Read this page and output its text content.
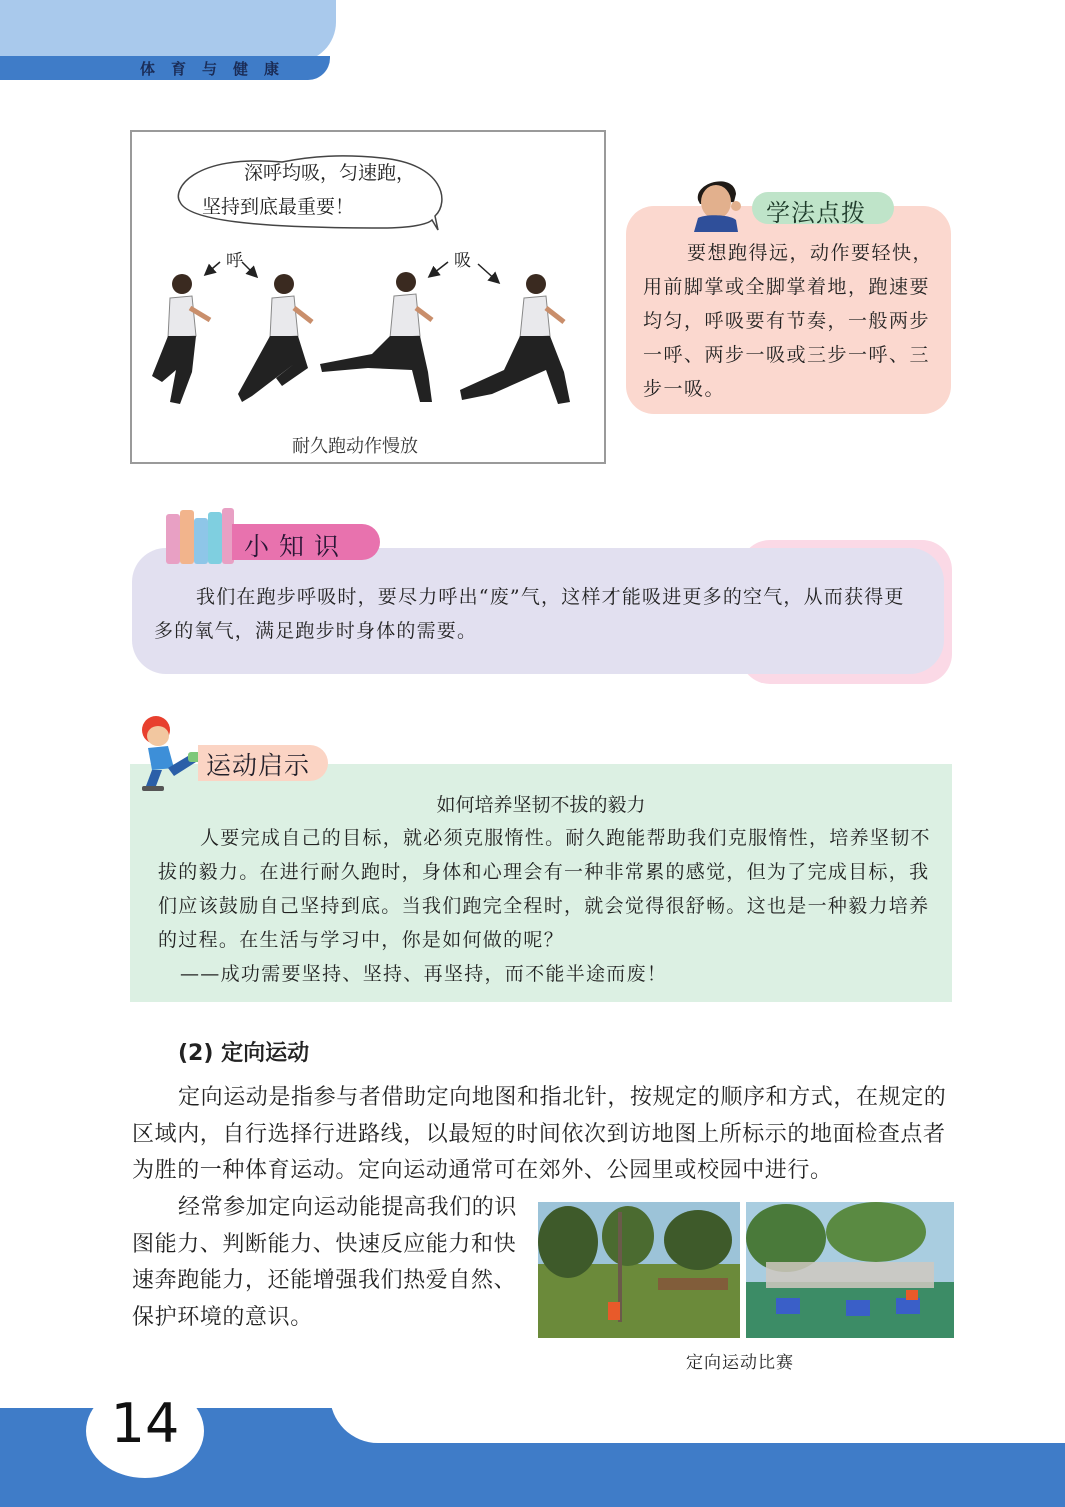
体育与健康
深呼均吸，匀速跑，
坚持到底最重要！
呼	吸
耐久跑动作慢放
学法点拨
要想跑得远，动作要轻快，用前脚掌或全脚掌着地，跑速要均匀，呼吸要有节奏，一般两步一呼、两步一吸或三步一呼、三步一吸。
小知识
我们在跑步呼吸时，要尽力呼出“废”气，这样才能吸进更多的空气，从而获得更多的氧气，满足跑步时身体的需要。
运动启示
如何培养坚韧不拔的毅力

人要完成自己的目标，就必须克服惰性。耐久跑能帮助我们克服惰性，培养坚韧不拔的毅力。在进行耐久跑时，身体和心理会有一种非常累的感觉，但为了完成目标，我们应该鼓励自己坚持到底。当我们跑完全程时，就会觉得很舒畅。这也是一种毅力培养的过程。在生活与学习中，你是如何做的呢？

——成功需要坚持、坚持、再坚持，而不能半途而废！

(2) 定向运动
定向运动是指参与者借助定向地图和指北针，按规定的顺序和方式，在规定的区域内，自行选择行进路线，以最短的时间依次到访地图上所标示的地面检查点者为胜的一种体育运动。定向运动通常可在郊外、公园里或校园中进行。
经常参加定向运动能提高我们的识图能力、判断能力、快速反应能力和快速奔跑能力，还能增强我们热爱自然、保护环境的意识。
定向运动比赛
14
